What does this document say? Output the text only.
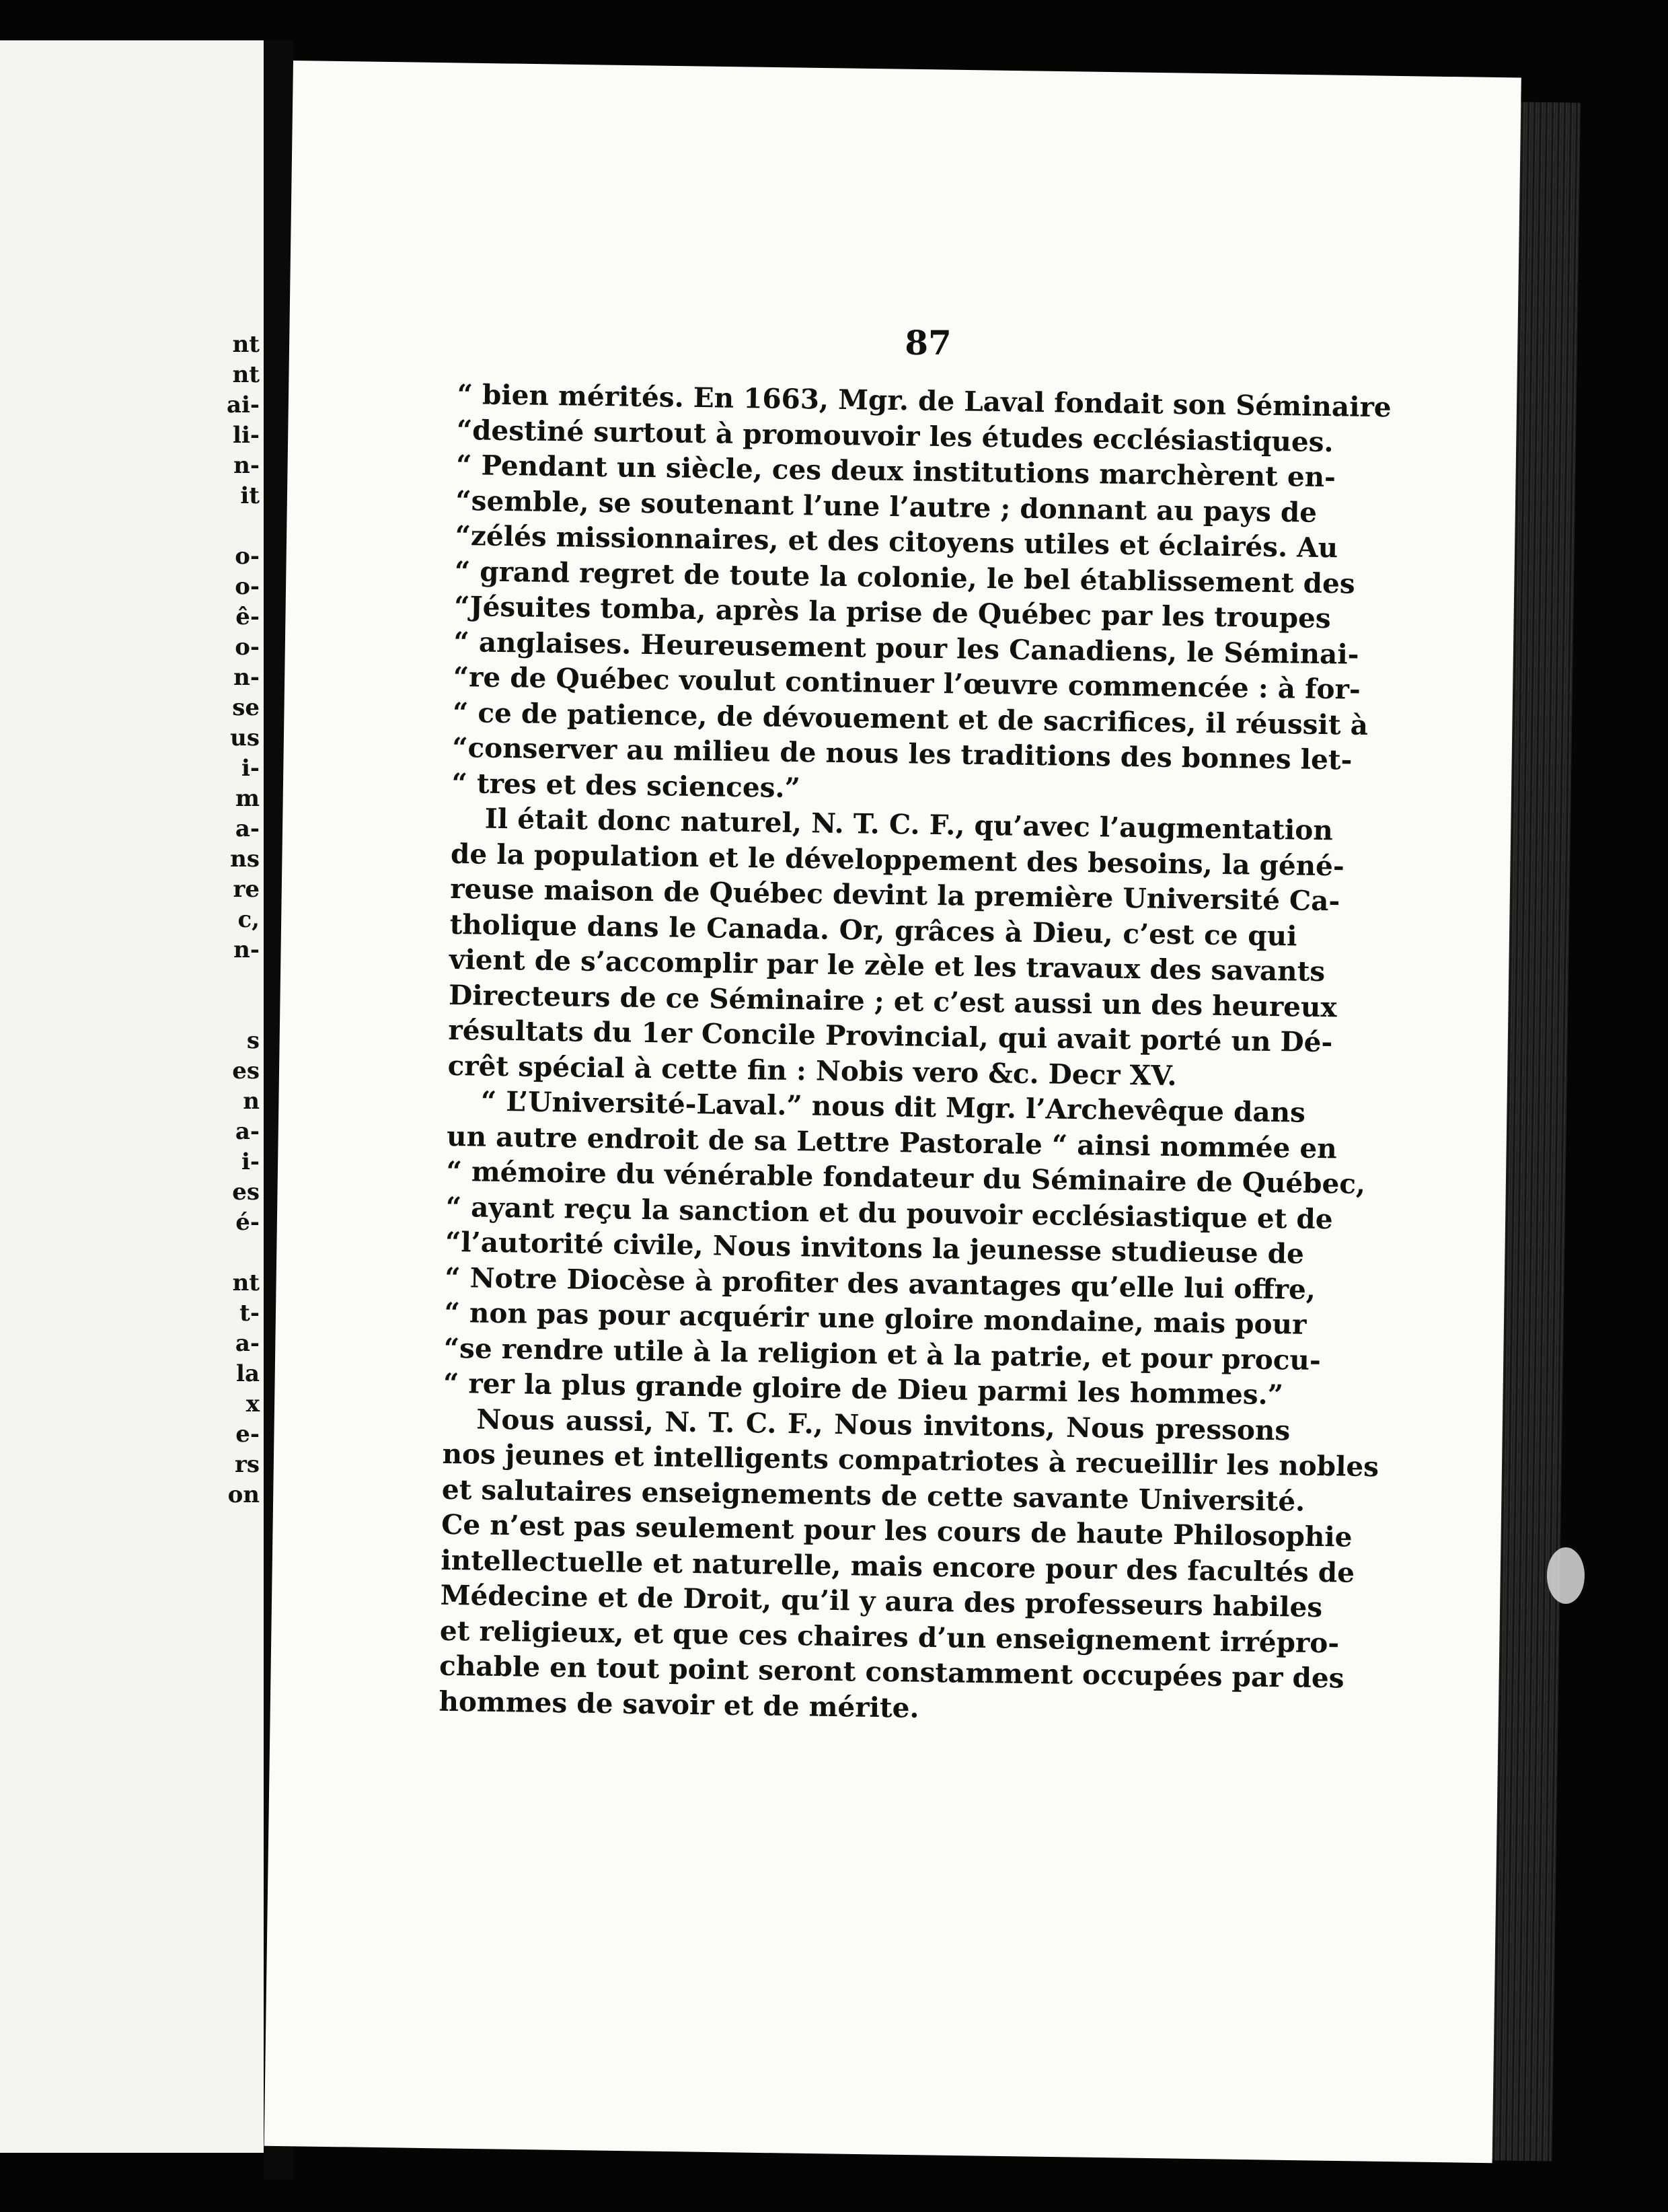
nt
nt
ai-
li-
n-
it
o-
o-
ê-
o-
n-
se
us
i-
m
a-
ns
re
c,
n-
s
es
n
a-
i-
es
é-
nt
t-
a-
la
x
e-
rs
on
87
“ bien mérités. En 1663, Mgr. de Laval fondait son Séminaire
“destiné surtout à promouvoir les études ecclésiastiques.
“ Pendant un siècle, ces deux institutions marchèrent en-
“semble, se soutenant l’une l’autre ; donnant au pays de
“zélés missionnaires, et des citoyens utiles et éclairés. Au
“ grand regret de toute la colonie, le bel établissement des
“Jésuites tomba, après la prise de Québec par les troupes
“ anglaises. Heureusement pour les Canadiens, le Séminai-
“re de Québec voulut continuer l’œuvre commencée : à for-
“ ce de patience, de dévouement et de sacrifices, il réussit à
“conserver au milieu de nous les traditions des bonnes let-
“ tres et des sciences.”
Il était donc naturel, N. T. C. F., qu’avec l’augmentation
de la population et le développement des besoins, la géné-
reuse maison de Québec devint la première Université Ca-
tholique dans le Canada. Or, grâces à Dieu, c’est ce qui
vient de s’accomplir par le zèle et les travaux des savants
Directeurs de ce Séminaire ; et c’est aussi un des heureux
résultats du 1er Concile Provincial, qui avait porté un Dé-
crêt spécial à cette fin : Nobis vero &c. Decr XV.
“ L’Université-Laval.” nous dit Mgr. l’Archevêque dans
un autre endroit de sa Lettre Pastorale “ ainsi nommée en
“ mémoire du vénérable fondateur du Séminaire de Québec,
“ ayant reçu la sanction et du pouvoir ecclésiastique et de
“l’autorité civile, Nous invitons la jeunesse studieuse de
“ Notre Diocèse à profiter des avantages qu’elle lui offre,
“ non pas pour acquérir une gloire mondaine, mais pour
“se rendre utile à la religion et à la patrie, et pour procu-
“ rer la plus grande gloire de Dieu parmi les hommes.”
Nous aussi, N. T. C. F., Nous invitons, Nous pressons
nos jeunes et intelligents compatriotes à recueillir les nobles
et salutaires enseignements de cette savante Université.
Ce n’est pas seulement pour les cours de haute Philosophie
intellectuelle et naturelle, mais encore pour des facultés de
Médecine et de Droit, qu’il y aura des professeurs habiles
et religieux, et que ces chaires d’un enseignement irrépro-
chable en tout point seront constamment occupées par des
hommes de savoir et de mérite.
